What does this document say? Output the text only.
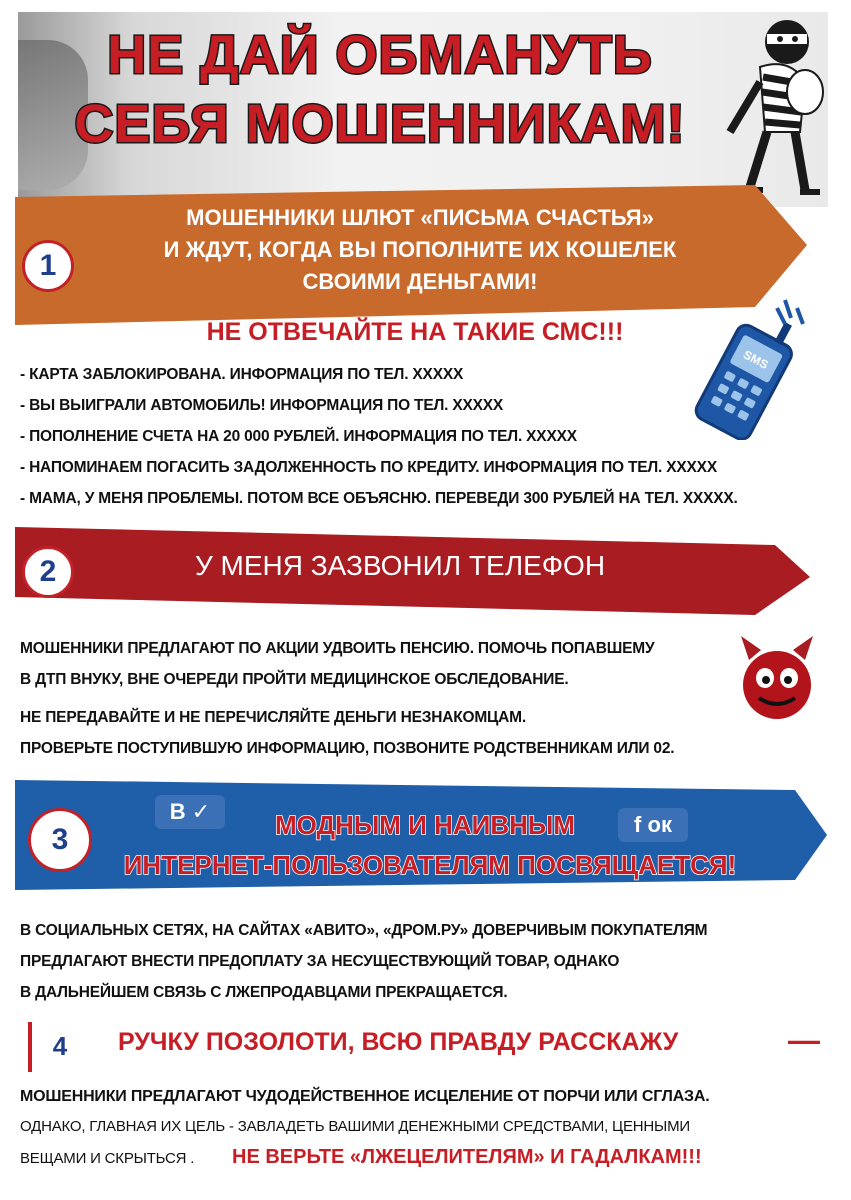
НЕ ДАЙ ОБМАНУТЬ
СЕБЯ МОШЕННИКАМ!
1
МОШЕННИКИ ШЛЮТ «ПИСЬМА СЧАСТЬЯ»
И ЖДУТ, КОГДА ВЫ ПОПОЛНИТЕ ИХ КОШЕЛЕК
СВОИМИ ДЕНЬГАМИ!
НЕ ОТВЕЧАЙТЕ НА ТАКИЕ СМС!!!
SMS
- КАРТА ЗАБЛОКИРОВАНА. ИНФОРМАЦИЯ ПО ТЕЛ. ХХХХХ
- ВЫ ВЫИГРАЛИ АВТОМОБИЛЬ! ИНФОРМАЦИЯ ПО ТЕЛ. ХХХХХ
- ПОПОЛНЕНИЕ СЧЕТА НА 20 000 РУБЛЕЙ. ИНФОРМАЦИЯ ПО ТЕЛ. ХХХХХ
- НАПОМИНАЕМ ПОГАСИТЬ ЗАДОЛЖЕННОСТЬ ПО КРЕДИТУ. ИНФОРМАЦИЯ ПО ТЕЛ. ХХХХХ
- МАМА, У МЕНЯ ПРОБЛЕМЫ. ПОТОМ ВСЕ ОБЪЯСНЮ. ПЕРЕВЕДИ 300 РУБЛЕЙ НА ТЕЛ. ХХХХХ.
2	У МЕНЯ ЗАЗВОНИЛ ТЕЛЕФОН
МОШЕННИКИ ПРЕДЛАГАЮТ ПО АКЦИИ УДВОИТЬ ПЕНСИЮ. ПОМОЧЬ ПОПАВШЕМУ
В ДТП ВНУКУ, ВНЕ ОЧЕРЕДИ ПРОЙТИ МЕДИЦИНСКОЕ ОБСЛЕДОВАНИЕ.
НЕ ПЕРЕДАВАЙТЕ И НЕ ПЕРЕЧИСЛЯЙТЕ ДЕНЬГИ НЕЗНАКОМЦАМ.
ПРОВЕРЬТЕ ПОСТУПИВШУЮ ИНФОРМАЦИЮ, ПОЗВОНИТЕ РОДСТВЕННИКАМ ИЛИ 02.
3
В ✓
f ок
МОДНЫМ И НАИВНЫМ
ИНТЕРНЕТ-ПОЛЬЗОВАТЕЛЯМ ПОСВЯЩАЕТСЯ!
В СОЦИАЛЬНЫХ СЕТЯХ, НА САЙТАХ «АВИТО», «ДРОМ.РУ» ДОВЕРЧИВЫМ ПОКУПАТЕЛЯМ
ПРЕДЛАГАЮТ ВНЕСТИ ПРЕДОПЛАТУ ЗА НЕСУЩЕСТВУЮЩИЙ ТОВАР, ОДНАКО
В ДАЛЬНЕЙШЕМ СВЯЗЬ С ЛЖЕПРОДАВЦАМИ ПРЕКРАЩАЕТСЯ.
4	РУЧКУ ПОЗОЛОТИ, ВСЮ ПРАВДУ РАССКАЖУ	—
МОШЕННИКИ ПРЕДЛАГАЮТ ЧУДОДЕЙСТВЕННОЕ ИСЦЕЛЕНИЕ ОТ ПОРЧИ ИЛИ СГЛАЗА.
ОДНАКО, ГЛАВНАЯ ИХ ЦЕЛЬ - ЗАВЛАДЕТЬ ВАШИМИ ДЕНЕЖНЫМИ СРЕДСТВАМИ, ЦЕННЫМИ
ВЕЩАМИ И СКРЫТЬСЯ . НЕ ВЕРЬТЕ «ЛЖЕЦЕЛИТЕЛЯМ» И ГАДАЛКАМ!!!
